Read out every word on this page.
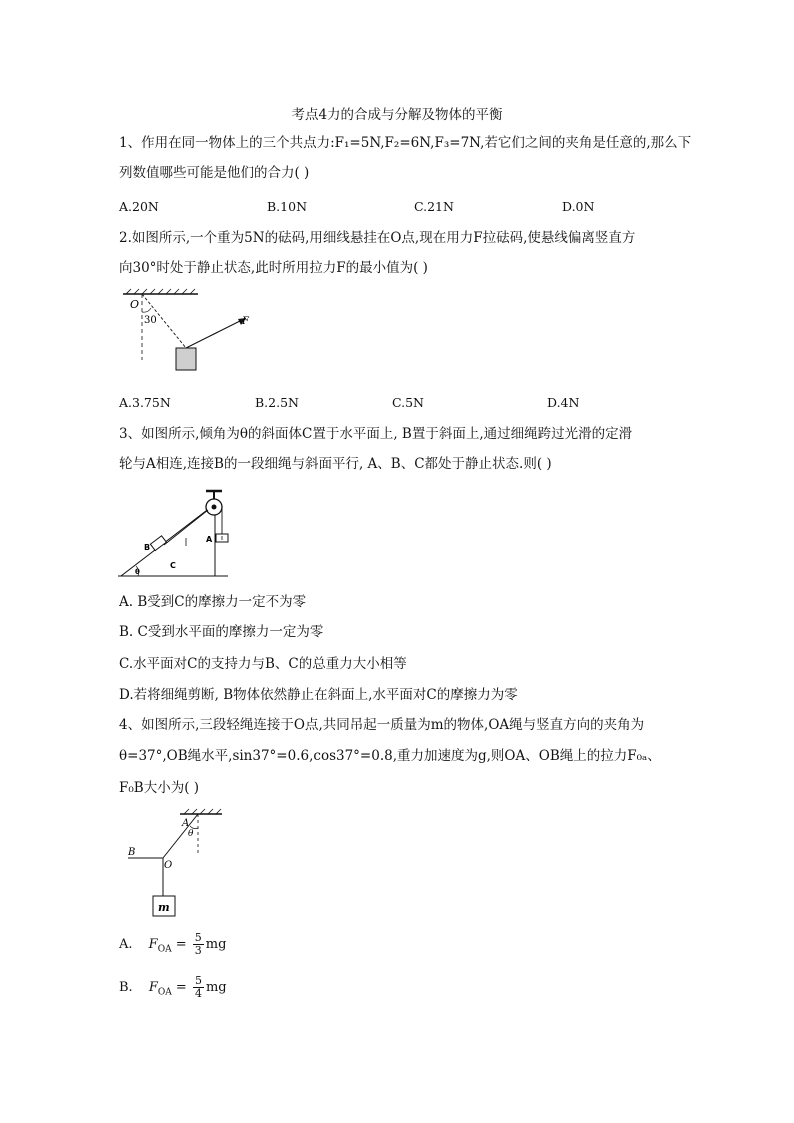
考点4力的合成与分解及物体的平衡
1、作用在同一物体上的三个共点力:F₁=5N,F₂=6N,F₃=7N,若它们之间的夹角是任意的,那么下
列数值哪些可能是他们的合力( )
A.20N	B.10N	C.21N	D.0N
2.如图所示,一个重为5N的砝码,用细线悬挂在O点,现在用力F拉砝码,使悬线偏离竖直方
向30°时处于静止状态,此时所用拉力F的最小值为( )
O
30	F
A.3.75N	B.2.5N	C.5N	D.4N
3、如图所示,倾角为θ的斜面体C置于水平面上, B置于斜面上,通过细绳跨过光滑的定滑
轮与A相连,连接B的一段细绳与斜面平行, A、B、C都处于静止状态.则( )
A
B
C
θ
A. B受到C的摩擦力一定不为零
B. C受到水平面的摩擦力一定为零
C.水平面对C的支持力与B、C的总重力大小相等
D.若将细绳剪断, B物体依然静止在斜面上,水平面对C的摩擦力为零
4、如图所示,三段轻绳连接于O点,共同吊起一质量为m的物体,OA绳与竖直方向的夹角为
θ=37°,OB绳水平,sin37°=0.6,cos37°=0.8,重力加速度为g,则OA、OB绳上的拉力F₀ₐ、
F₀B大小为( )
A
B
O
θ
m
A. $F_{OA} = \frac{5}{3}$ mg
B. $F_{OA} = \frac{5}{4}$ mg
